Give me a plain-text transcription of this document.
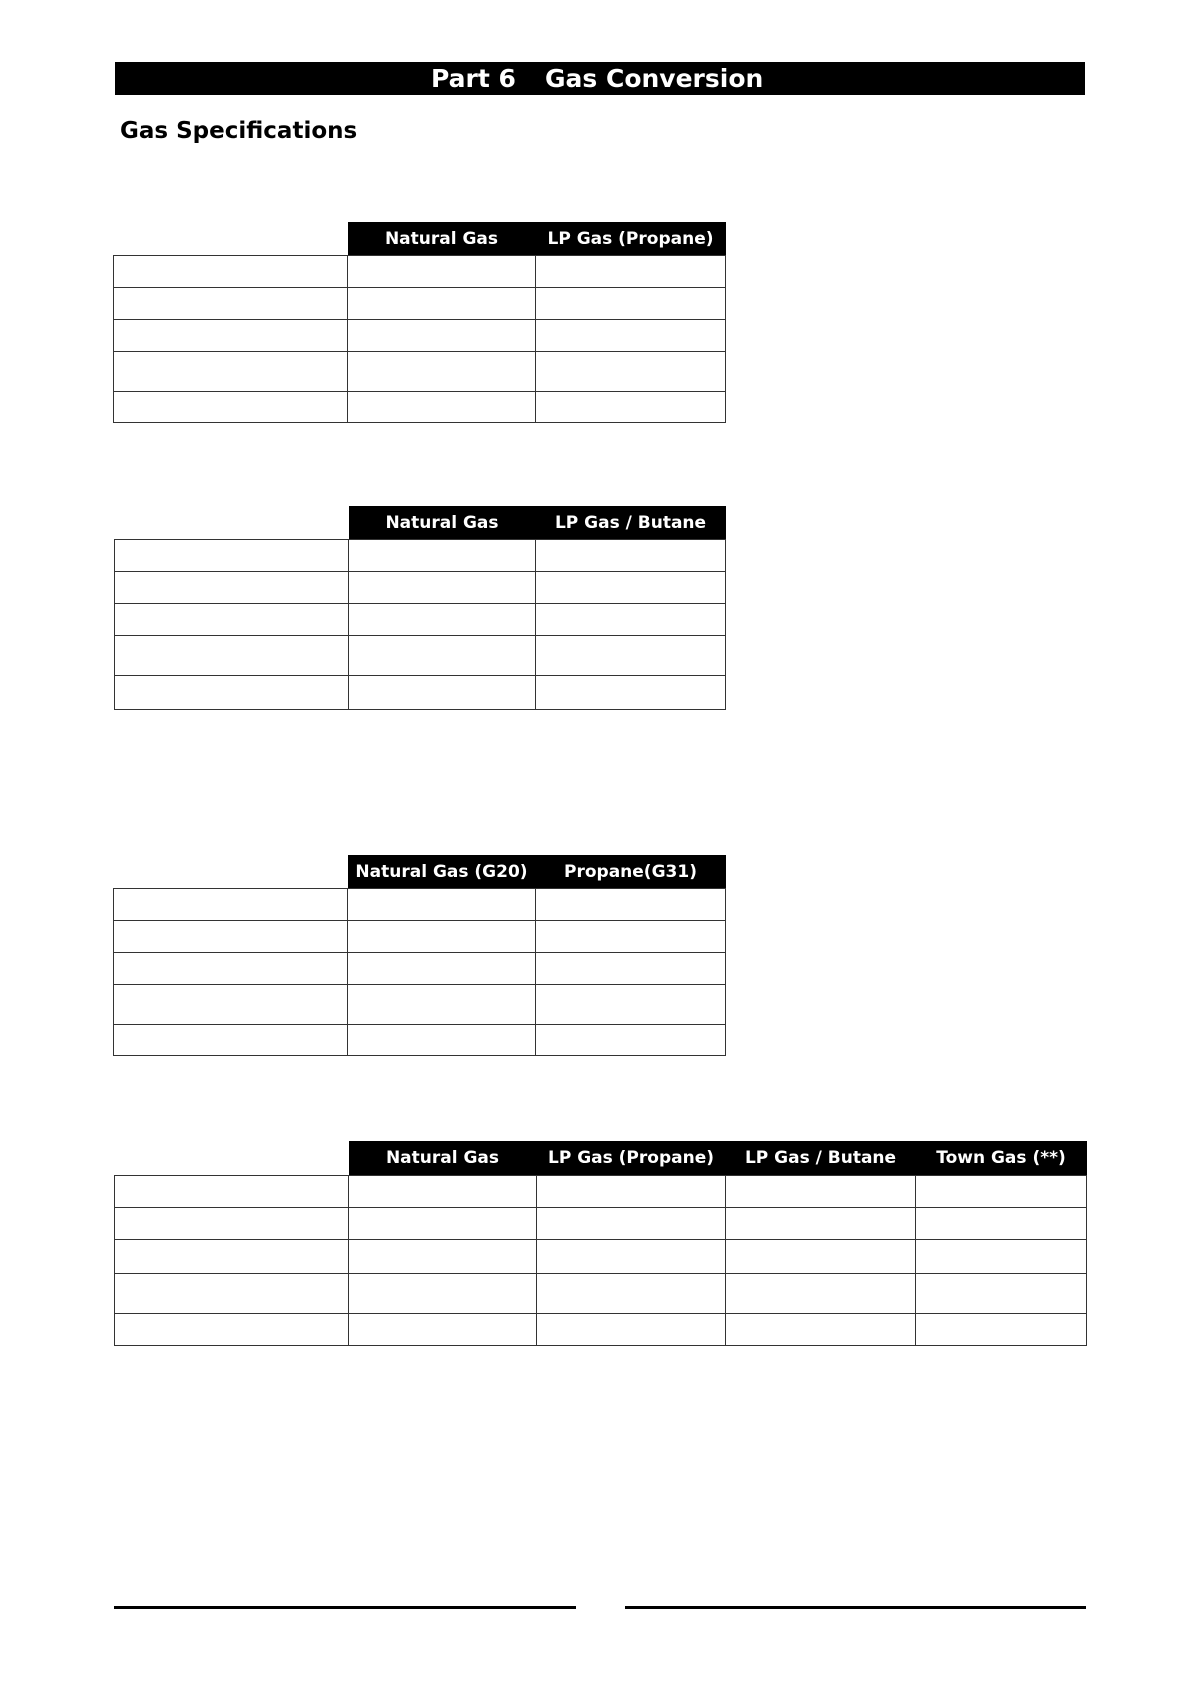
Part 6 Gas Conversion
Gas Specifications
	Natural Gas	LP Gas (Propane)

	Natural Gas	LP Gas / Butane

	Natural Gas (G20)	Propane(G31)

	Natural Gas	LP Gas (Propane)	LP Gas / Butane	Town Gas (**)
